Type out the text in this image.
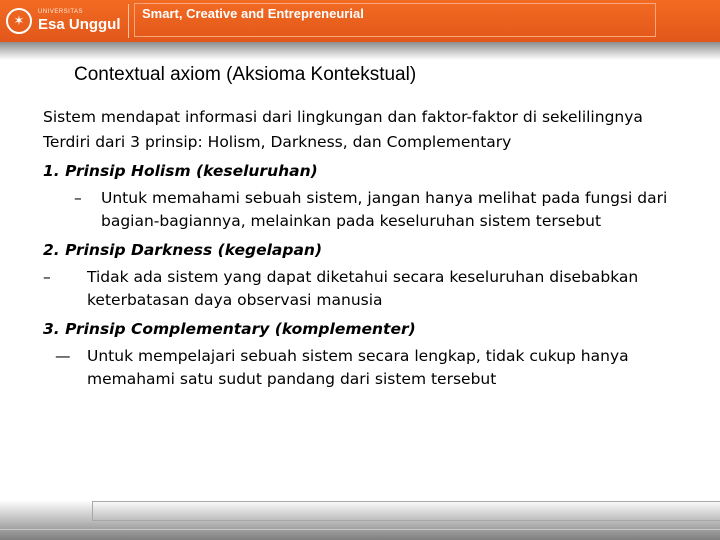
✶
UNIVERSITAS
Esa Unggul
Smart, Creative and Entrepreneurial
Contextual axiom (Aksioma Kontekstual)

Sistem mendapat informasi dari lingkungan dan faktor-faktor di sekelilingnya

Terdiri dari 3 prinsip: Holism, Darkness, dan Complementary

1. Prinsip Holism (keseluruhan)
– Untuk memahami sebuah sistem, jangan hanya melihat pada fungsi dari bagian-bagiannya, melainkan pada keseluruhan sistem tersebut
2. Prinsip Darkness (kegelapan)
– Tidak ada sistem yang dapat diketahui secara keseluruhan disebabkan keterbatasan daya observasi manusia
3. Prinsip Complementary (komplementer)
— Untuk mempelajari sebuah sistem secara lengkap, tidak cukup hanya memahami satu sudut pandang dari sistem tersebut
